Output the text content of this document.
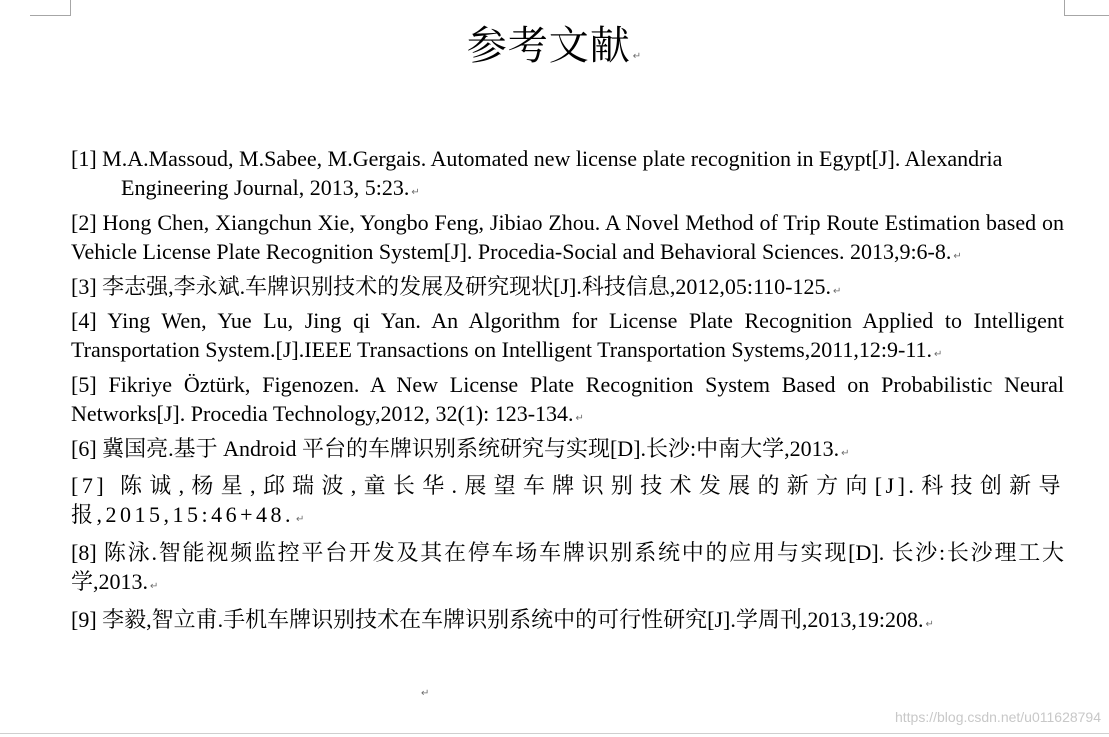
参考文献 ↵

[1] M.A.Massoud, M.Sabee, M.Gergais. Automated new license plate recognition in Egypt[J]. Alexandria Engineering Journal, 2013, 5:23. ↵

[2] Hong Chen, Xiangchun Xie, Yongbo Feng, Jibiao Zhou. A Novel Method of Trip Route Estimation based on Vehicle License Plate Recognition System[J]. Procedia-Social and Behavioral Sciences. 2013,9:6-8. ↵

[3] 李志强,李永斌.车牌识别技术的发展及研究现状[J].科技信息,2012,05:110-125. ↵

[4] Ying Wen, Yue Lu, Jing qi Yan. An Algorithm for License Plate Recognition Applied to Intelligent Transportation System.[J].IEEE Transactions on Intelligent Transportation Systems,2011,12:9-11. ↵

[5] Fikriye Öztürk, Figenozen. A New License Plate Recognition System Based on Probabilistic Neural Networks[J]. Procedia Technology,2012, 32(1): 123-134. ↵

[6] 冀国亮.基于 Android 平台的车牌识别系统研究与实现[D].长沙:中南大学,2013. ↵

[7] 陈诚,杨星,邱瑞波,童长华.展望车牌识别技术发展的新方向[J].科技创新导报,2015,15:46+48. ↵

[8] 陈泳.智能视频监控平台开发及其在停车场车牌识别系统中的应用与实现[D]. 长沙:长沙理工大学,2013. ↵

[9] 李毅,智立甫.手机车牌识别技术在车牌识别系统中的可行性研究[J].学周刊,2013,19:208. ↵

↵
https://blog.csdn.net/u011628794
